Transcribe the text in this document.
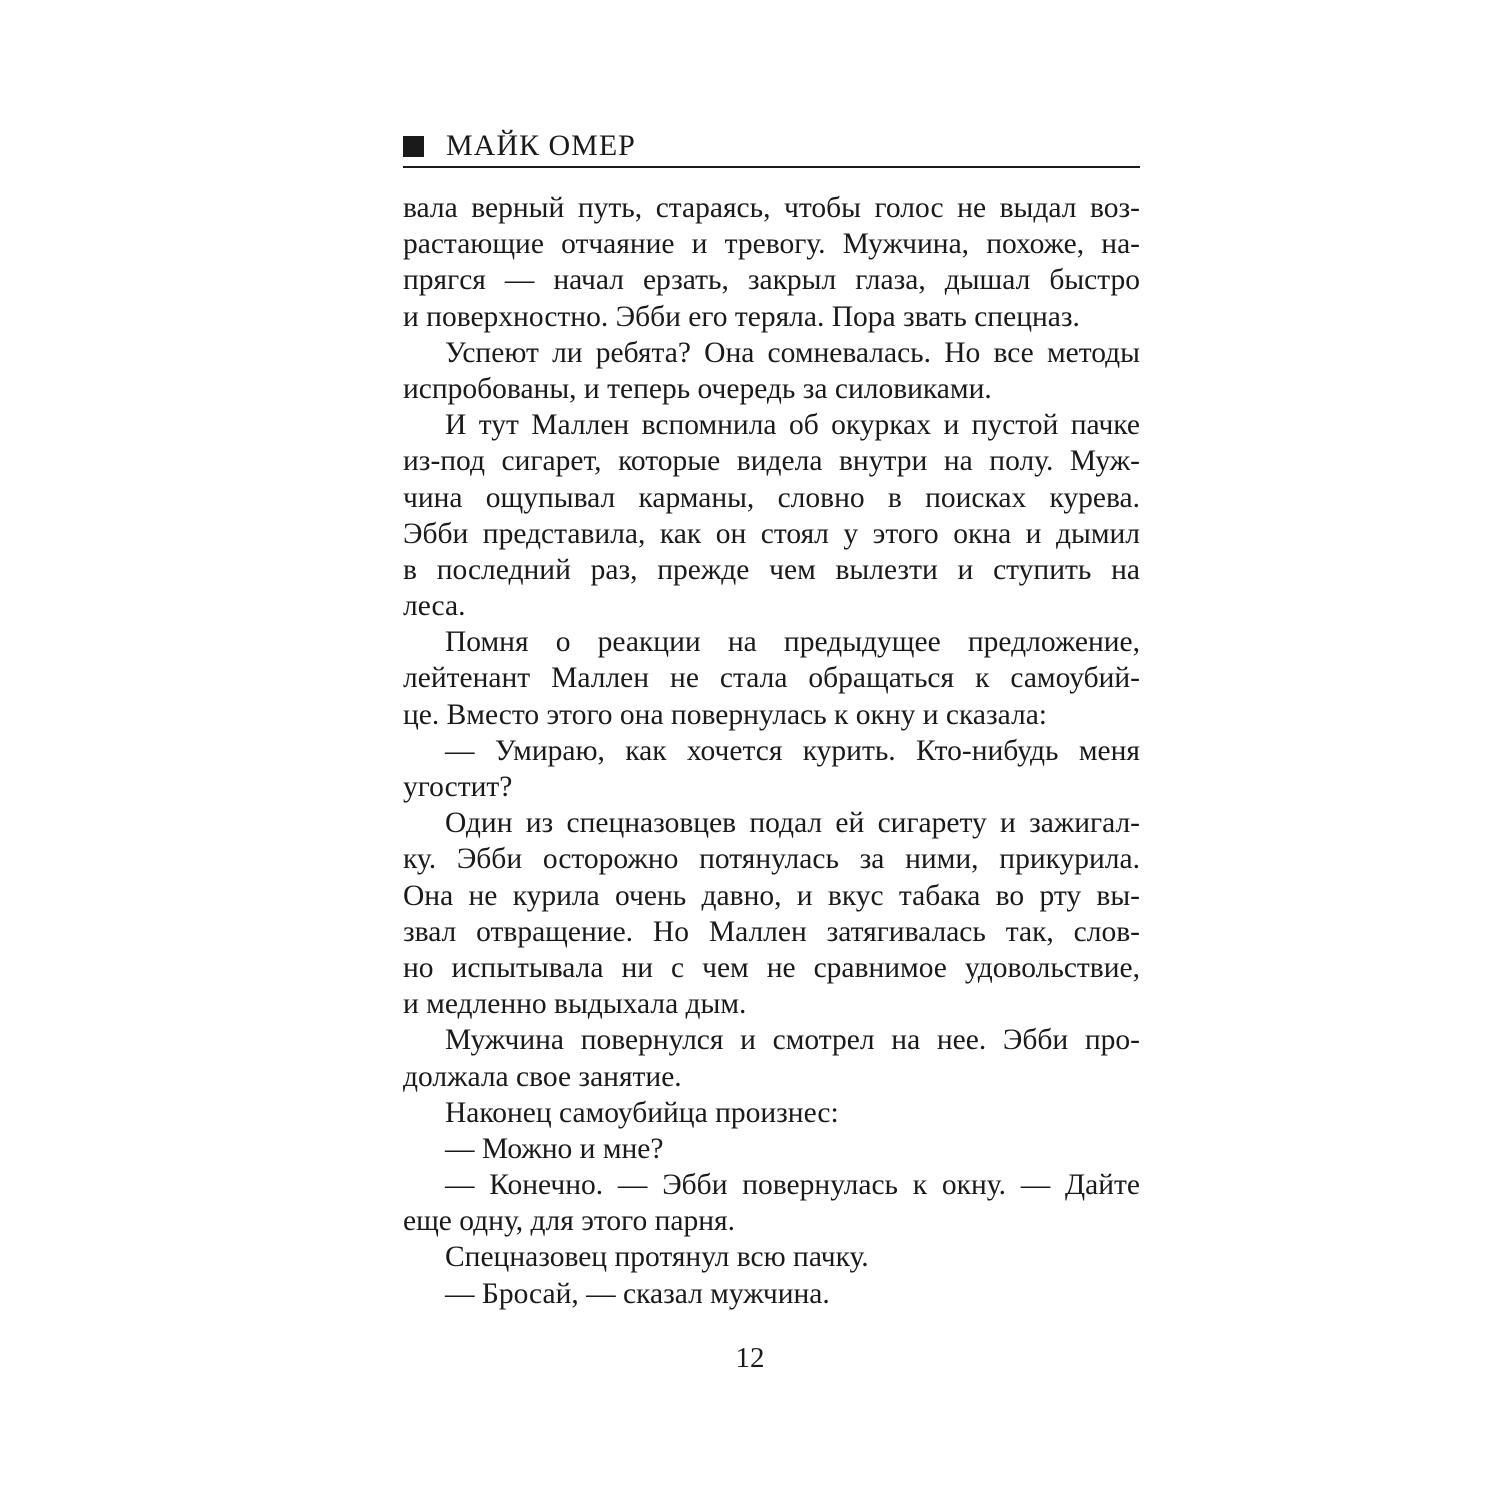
МАЙК ОМЕР
вала верный путь, стараясь, чтобы голос не выдал воз-
растающие отчаяние и тревогу. Мужчина, похоже, на-
прягся — начал ерзать, закрыл глаза, дышал быстро
и поверхностно. Эбби его теряла. Пора звать спецназ.
Успеют ли ребята? Она сомневалась. Но все методы
испробованы, и теперь очередь за силовиками.
И тут Маллен вспомнила об окурках и пустой пачке
из-под сигарет, которые видела внутри на полу. Муж-
чина ощупывал карманы, словно в поисках курева.
Эбби представила, как он стоял у этого окна и дымил
в последний раз, прежде чем вылезти и ступить на
леса.
Помня о реакции на предыдущее предложение,
лейтенант Маллен не стала обращаться к самоубий-
це. Вместо этого она повернулась к окну и сказала:
— Умираю, как хочется курить. Кто-нибудь меня
угостит?
Один из спецназовцев подал ей сигарету и зажигал-
ку. Эбби осторожно потянулась за ними, прикурила.
Она не курила очень давно, и вкус табака во рту вы-
звал отвращение. Но Маллен затягивалась так, слов-
но испытывала ни с чем не сравнимое удовольствие,
и медленно выдыхала дым.
Мужчина повернулся и смотрел на нее. Эбби про-
должала свое занятие.
Наконец самоубийца произнес:
— Можно и мне?
— Конечно. — Эбби повернулась к окну. — Дайте
еще одну, для этого парня.
Спецназовец протянул всю пачку.
— Бросай, — сказал мужчина.
12
